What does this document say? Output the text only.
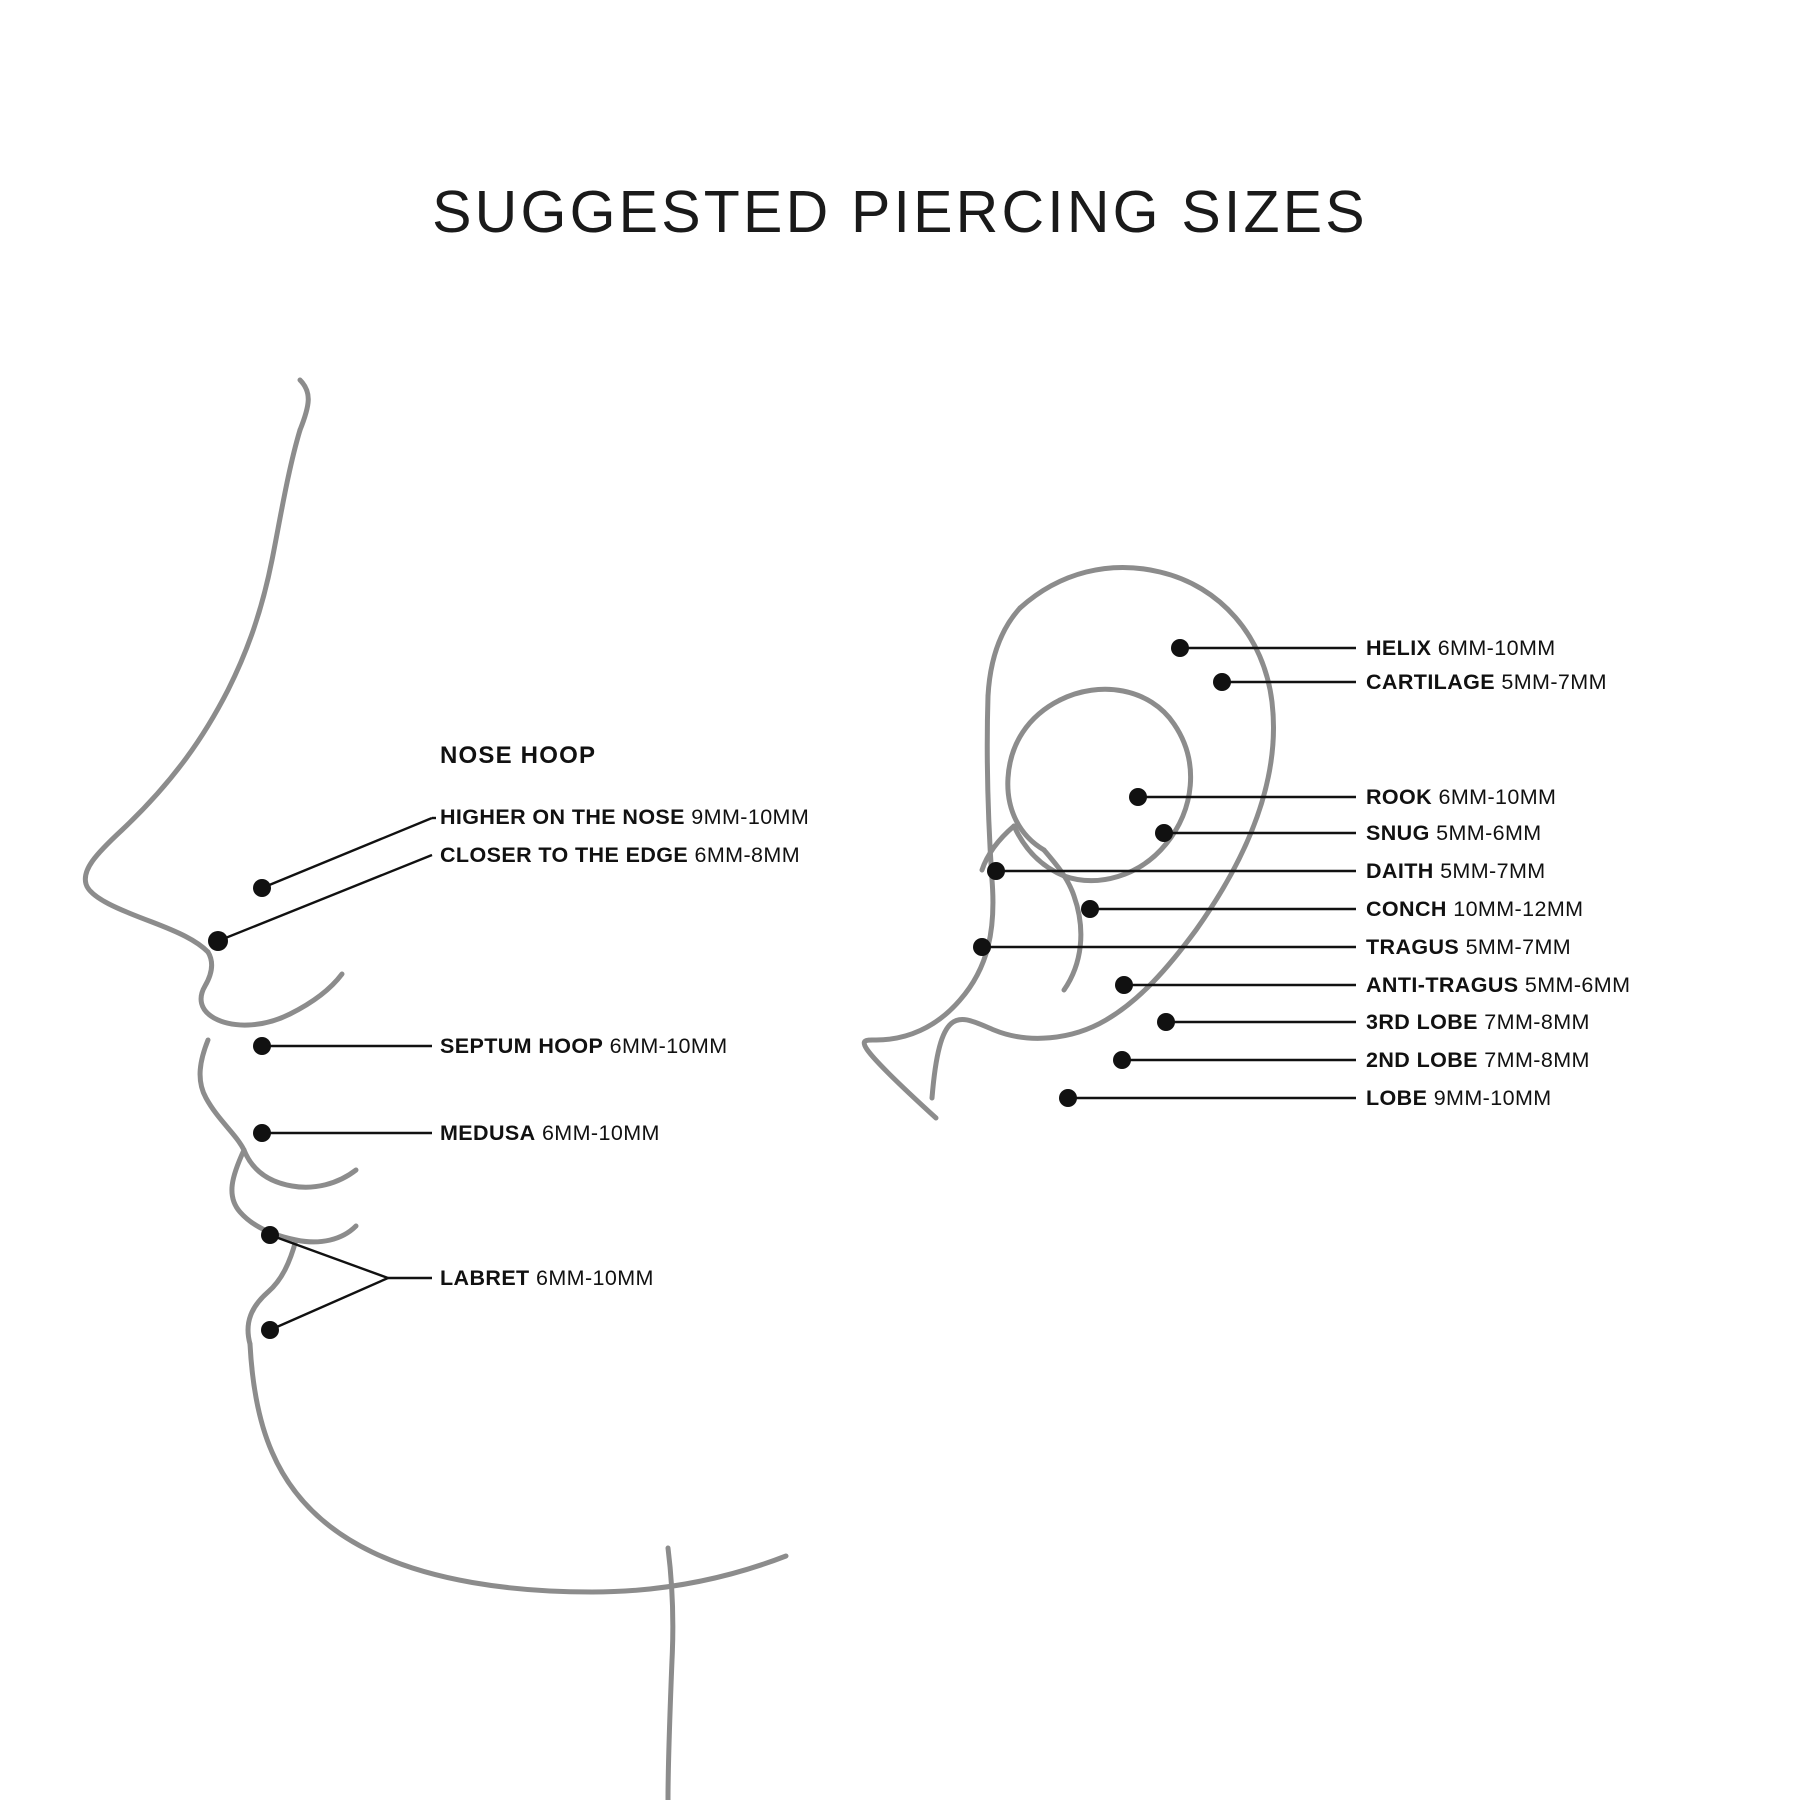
SUGGESTED PIERCING SIZES
NOSE HOOP
HIGHER ON THE NOSE 9MM-10MM
CLOSER TO THE EDGE 6MM-8MM
SEPTUM HOOP 6MM-10MM
MEDUSA 6MM-10MM
LABRET 6MM-10MM
HELIX 6MM-10MM
CARTILAGE 5MM-7MM
ROOK 6MM-10MM
SNUG 5MM-6MM
DAITH 5MM-7MM
CONCH 10MM-12MM
TRAGUS 5MM-7MM
ANTI-TRAGUS 5MM-6MM
3RD LOBE 7MM-8MM
2ND LOBE 7MM-8MM
LOBE 9MM-10MM
